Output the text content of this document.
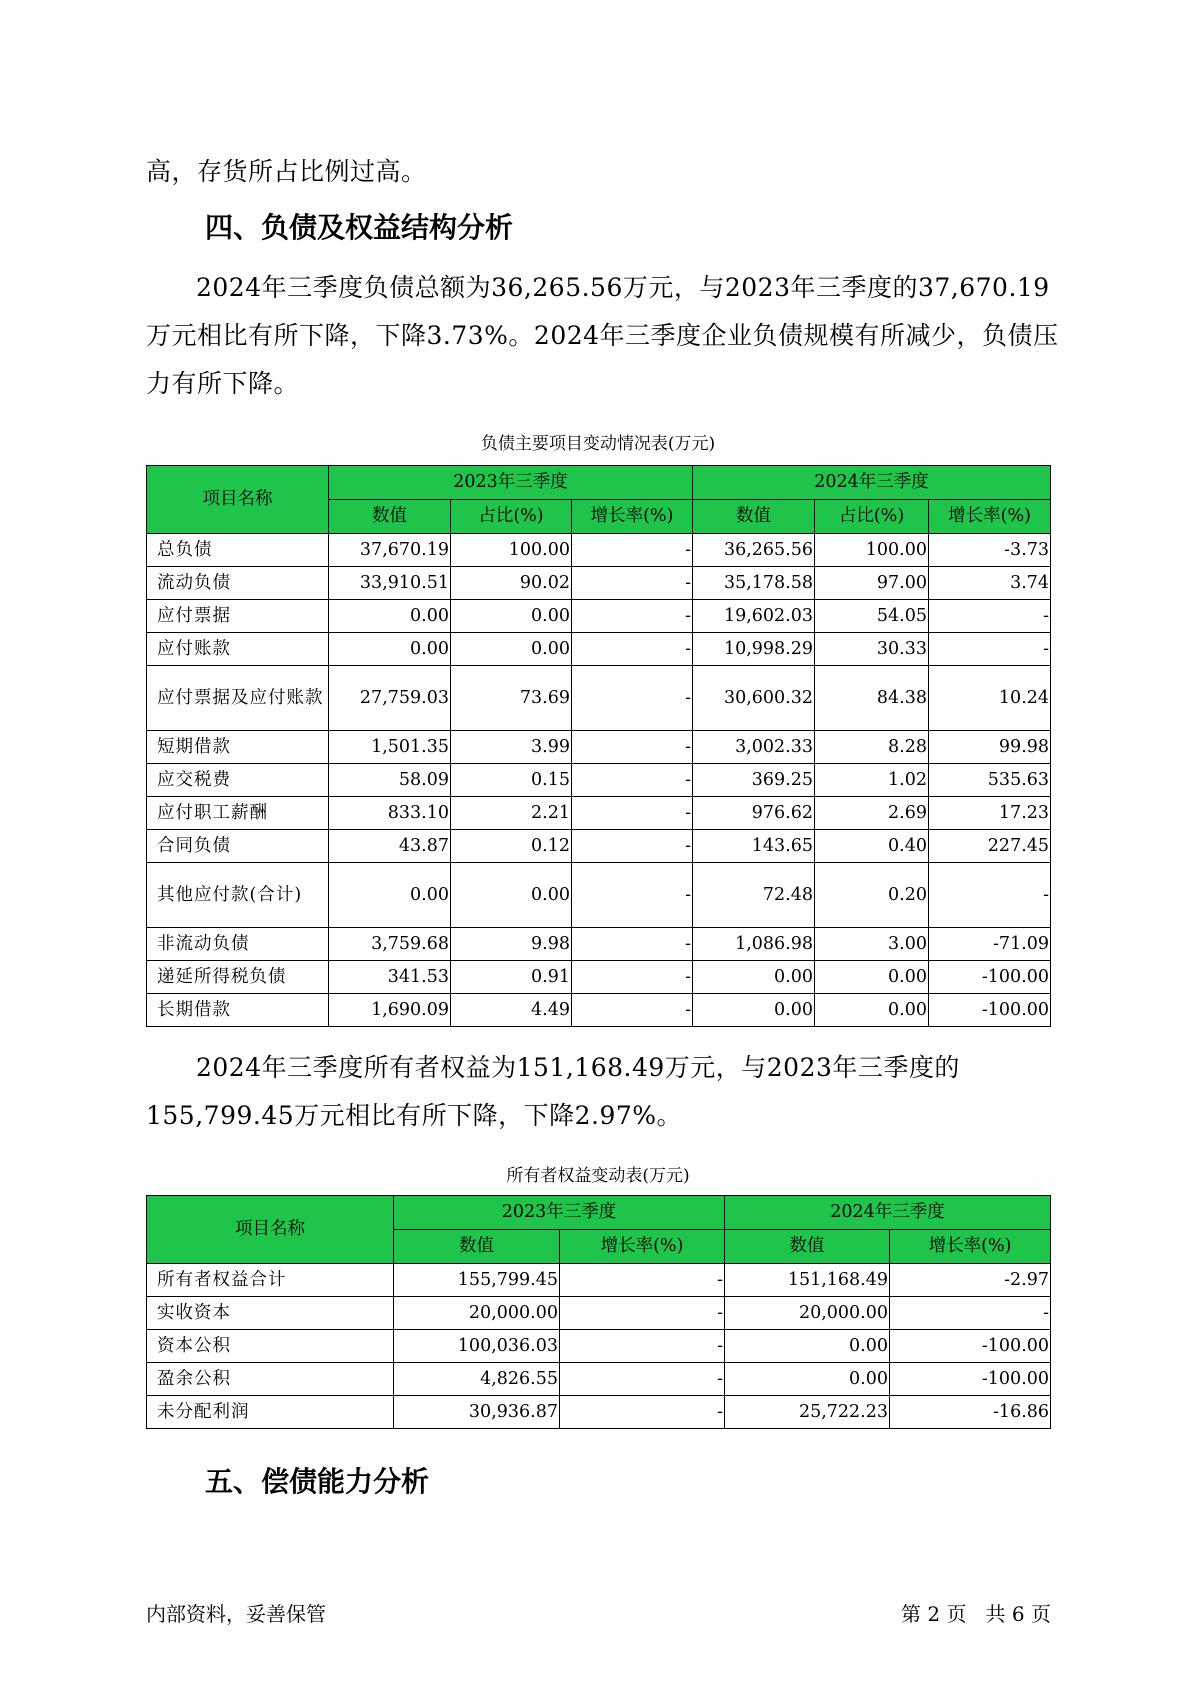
高，存货所占比例过高。

四、负债及权益结构分析

2024年三季度负债总额为36,265.56万元，与2023年三季度的37,670.19万元相比有所下降，下降3.73%。2024年三季度企业负债规模有所减少，负债压力有所下降。

负债主要项目变动情况表(万元)

项目名称	2023年三季度			2024年三季度		
	数值	占比(%)	增长率(%)	数值	占比(%)	增长率(%)
总负债	37,670.19	100.00	-	36,265.56	100.00	-3.73
流动负债	33,910.51	90.02	-	35,178.58	97.00	3.74
应付票据	0.00	0.00	-	19,602.03	54.05	-
应付账款	0.00	0.00	-	10,998.29	30.33	-
应付票据及应付账款	27,759.03	73.69	-	30,600.32	84.38	10.24
短期借款	1,501.35	3.99	-	3,002.33	8.28	99.98
应交税费	58.09	0.15	-	369.25	1.02	535.63
应付职工薪酬	833.10	2.21	-	976.62	2.69	17.23
合同负债	43.87	0.12	-	143.65	0.40	227.45
其他应付款(合计)	0.00	0.00	-	72.48	0.20	-
非流动负债	3,759.68	9.98	-	1,086.98	3.00	-71.09
递延所得税负债	341.53	0.91	-	0.00	0.00	-100.00
长期借款	1,690.09	4.49	-	0.00	0.00	-100.00

2024年三季度所有者权益为151,168.49万元，与2023年三季度的155,799.45万元相比有所下降，下降2.97%。

所有者权益变动表(万元)

项目名称	2023年三季度		2024年三季度	
	数值	增长率(%)	数值	增长率(%)
所有者权益合计	155,799.45	-	151,168.49	-2.97
实收资本	20,000.00	-	20,000.00	-
资本公积	100,036.03	-	0.00	-100.00
盈余公积	4,826.55	-	0.00	-100.00
未分配利润	30,936.87	-	25,722.23	-16.86
五、偿债能力分析

内部资料，妥善保管	第 2 页   共 6 页
